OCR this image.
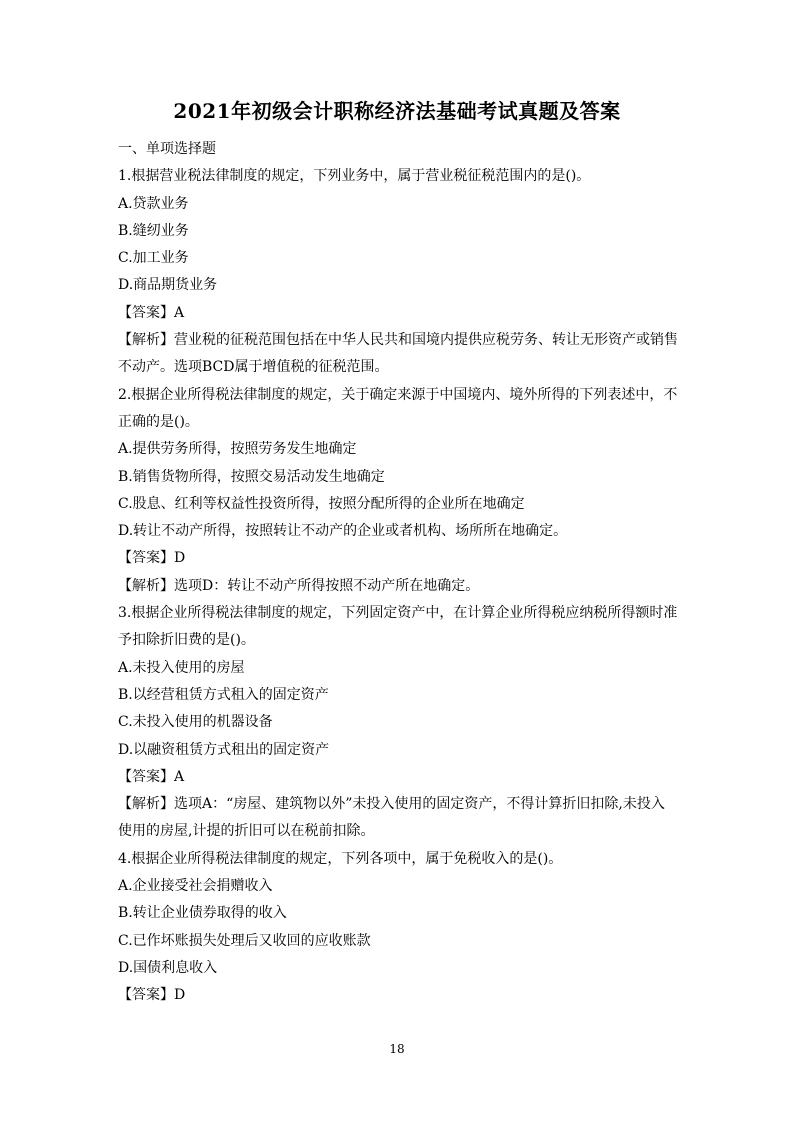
2021年初级会计职称经济法基础考试真题及答案

一、单项选择题

1.根据营业税法律制度的规定，下列业务中，属于营业税征税范围内的是()。

A.贷款业务

B.缝纫业务

C.加工业务

D.商品期货业务

【答案】A

【解析】营业税的征税范围包括在中华人民共和国境内提供应税劳务、转让无形资产或销售不动产。选项BCD属于增值税的征税范围。

2.根据企业所得税法律制度的规定，关于确定来源于中国境内、境外所得的下列表述中，不正确的是()。

A.提供劳务所得，按照劳务发生地确定

B.销售货物所得，按照交易活动发生地确定

C.股息、红利等权益性投资所得，按照分配所得的企业所在地确定

D.转让不动产所得，按照转让不动产的企业或者机构、场所所在地确定。

【答案】D

【解析】选项D：转让不动产所得按照不动产所在地确定。

3.根据企业所得税法律制度的规定，下列固定资产中，在计算企业所得税应纳税所得额时准予扣除折旧费的是()。

A.未投入使用的房屋

B.以经营租赁方式租入的固定资产

C.未投入使用的机器设备

D.以融资租赁方式租出的固定资产

【答案】A

【解析】选项A：“房屋、建筑物以外”未投入使用的固定资产，不得计算折旧扣除,未投入使用的房屋,计提的折旧可以在税前扣除。

4.根据企业所得税法律制度的规定，下列各项中，属于免税收入的是()。

A.企业接受社会捐赠收入

B.转让企业债券取得的收入

C.已作坏账损失处理后又收回的应收账款

D.国债利息收入

【答案】D

18
